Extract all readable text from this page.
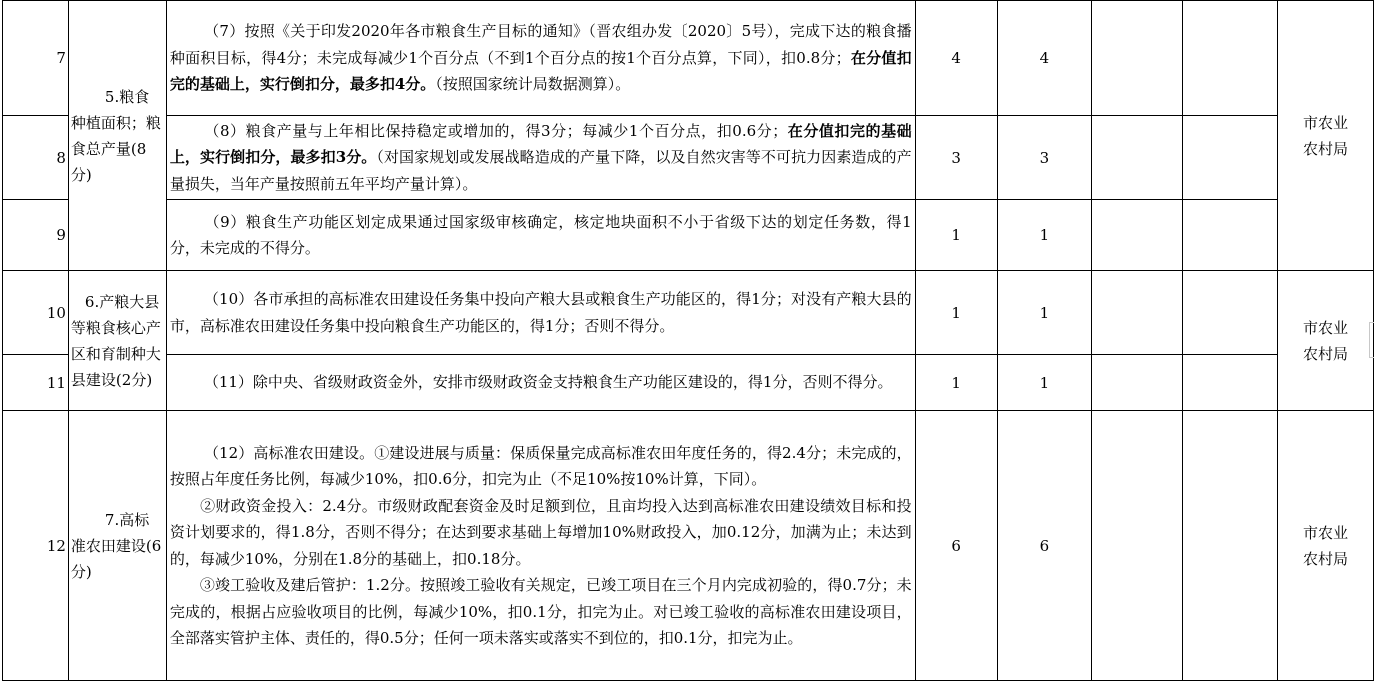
7	5.粮食种植面积；粮食总产量(8分)	（7）按照《关于印发2020年各市粮食生产目标的通知》（晋农组办发〔2020〕5号），完成下达的粮食播种面积目标，得4分；未完成每减少1个百分点（不到1个百分点的按1个百分点算，下同），扣0.8分；在分值扣完的基础上，实行倒扣分，最多扣4分。（按照国家统计局数据测算）。	4	4			市农业农村局
8		（8）粮食产量与上年相比保持稳定或增加的，得3分；每减少1个百分点，扣0.6分；在分值扣完的基础上，实行倒扣分，最多扣3分。（对国家规划或发展战略造成的产量下降，以及自然灾害等不可抗力因素造成的产量损失，当年产量按照前五年平均产量计算）。	3	3			
9		（9）粮食生产功能区划定成果通过国家级审核确定，核定地块面积不小于省级下达的划定任务数，得1分，未完成的不得分。	1	1			
10	6.产粮大县等粮食核心产区和育制种大县建设(2分)	（10）各市承担的高标准农田建设任务集中投向产粮大县或粮食生产功能区的，得1分；对没有产粮大县的市，高标准农田建设任务集中投向粮食生产功能区的，得1分；否则不得分。	1	1			市农业农村局
11		（11）除中央、省级财政资金外，安排市级财政资金支持粮食生产功能区建设的，得1分，否则不得分。	1	1			
12	7.高标准农田建设(6分)	（12）高标准农田建设。①建设进展与质量：保质保量完成高标准农田年度任务的，得2.4分；未完成的，按照占年度任务比例，每减少10%，扣0.6分，扣完为止（不足10%按10%计算，下同）。
②财政资金投入：2.4分。市级财政配套资金及时足额到位，且亩均投入达到高标准农田建设绩效目标和投资计划要求的，得1.8分，否则不得分；在达到要求基础上每增加10%财政投入，加0.12分，加满为止；未达到的，每减少10%，分别在1.8分的基础上，扣0.18分。
③竣工验收及建后管护：1.2分。按照竣工验收有关规定，已竣工项目在三个月内完成初验的，得0.7分；未完成的，根据占应验收项目的比例，每减少10%，扣0.1分，扣完为止。对已竣工验收的高标准农田建设项目，全部落实管护主体、责任的，得0.5分；任何一项未落实或落实不到位的，扣0.1分，扣完为止。	6	6			市农业农村局
